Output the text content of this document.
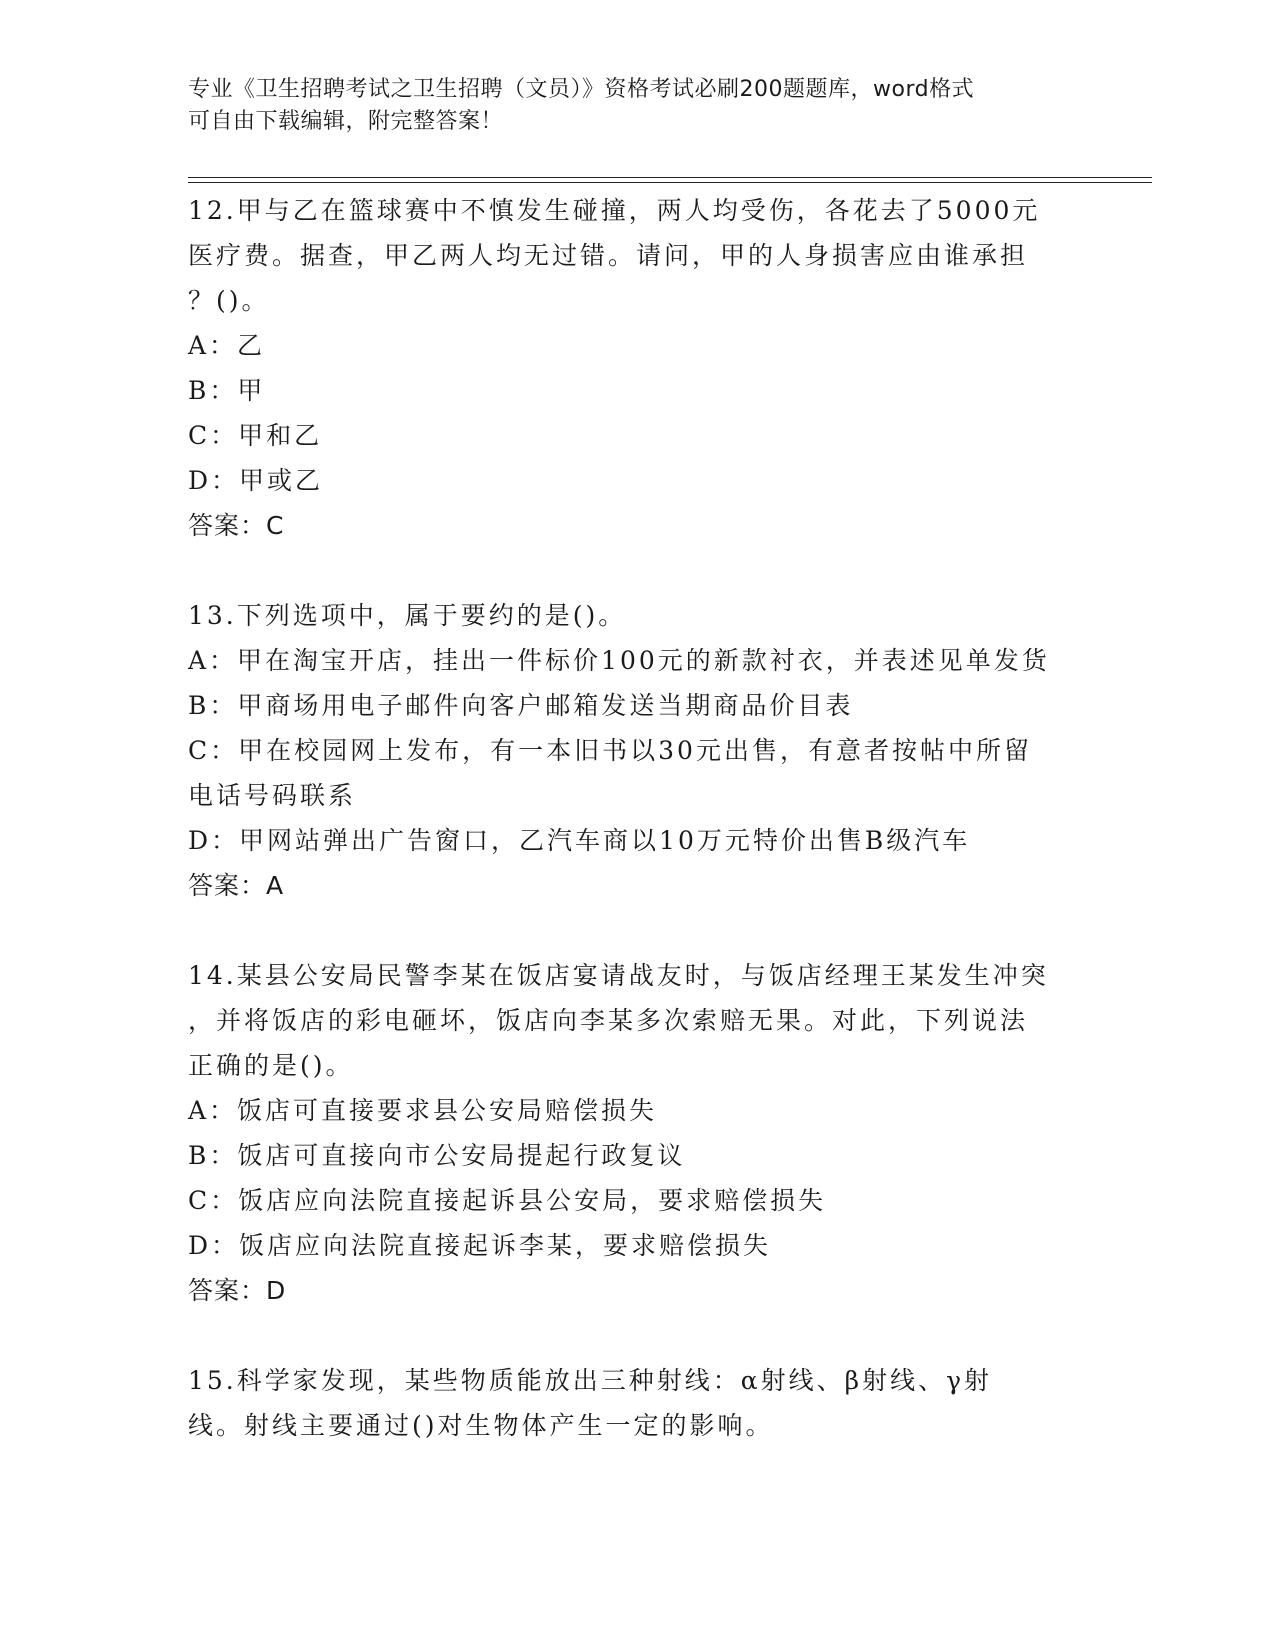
专业《卫生招聘考试之卫生招聘（文员）》资格考试必刷200题题库，word格式
可自由下载编辑，附完整答案！

12.甲与乙在篮球赛中不慎发生碰撞，两人均受伤，各花去了5000元

医疗费。据查，甲乙两人均无过错。请问，甲的人身损害应由谁承担

？()。

A：乙

B：甲

C：甲和乙

D：甲或乙

答案：C

13.下列选项中，属于要约的是()。

A：甲在淘宝开店，挂出一件标价100元的新款衬衣，并表述见单发货

B：甲商场用电子邮件向客户邮箱发送当期商品价目表

C：甲在校园网上发布，有一本旧书以30元出售，有意者按帖中所留

电话号码联系

D：甲网站弹出广告窗口，乙汽车商以10万元特价出售B级汽车

答案：A

14.某县公安局民警李某在饭店宴请战友时，与饭店经理王某发生冲突

，并将饭店的彩电砸坏，饭店向李某多次索赔无果。对此，下列说法

正确的是()。

A：饭店可直接要求县公安局赔偿损失

B：饭店可直接向市公安局提起行政复议

C：饭店应向法院直接起诉县公安局，要求赔偿损失

D：饭店应向法院直接起诉李某，要求赔偿损失

答案：D

15.科学家发现，某些物质能放出三种射线：α射线、β射线、γ射

线。射线主要通过()对生物体产生一定的影响。
